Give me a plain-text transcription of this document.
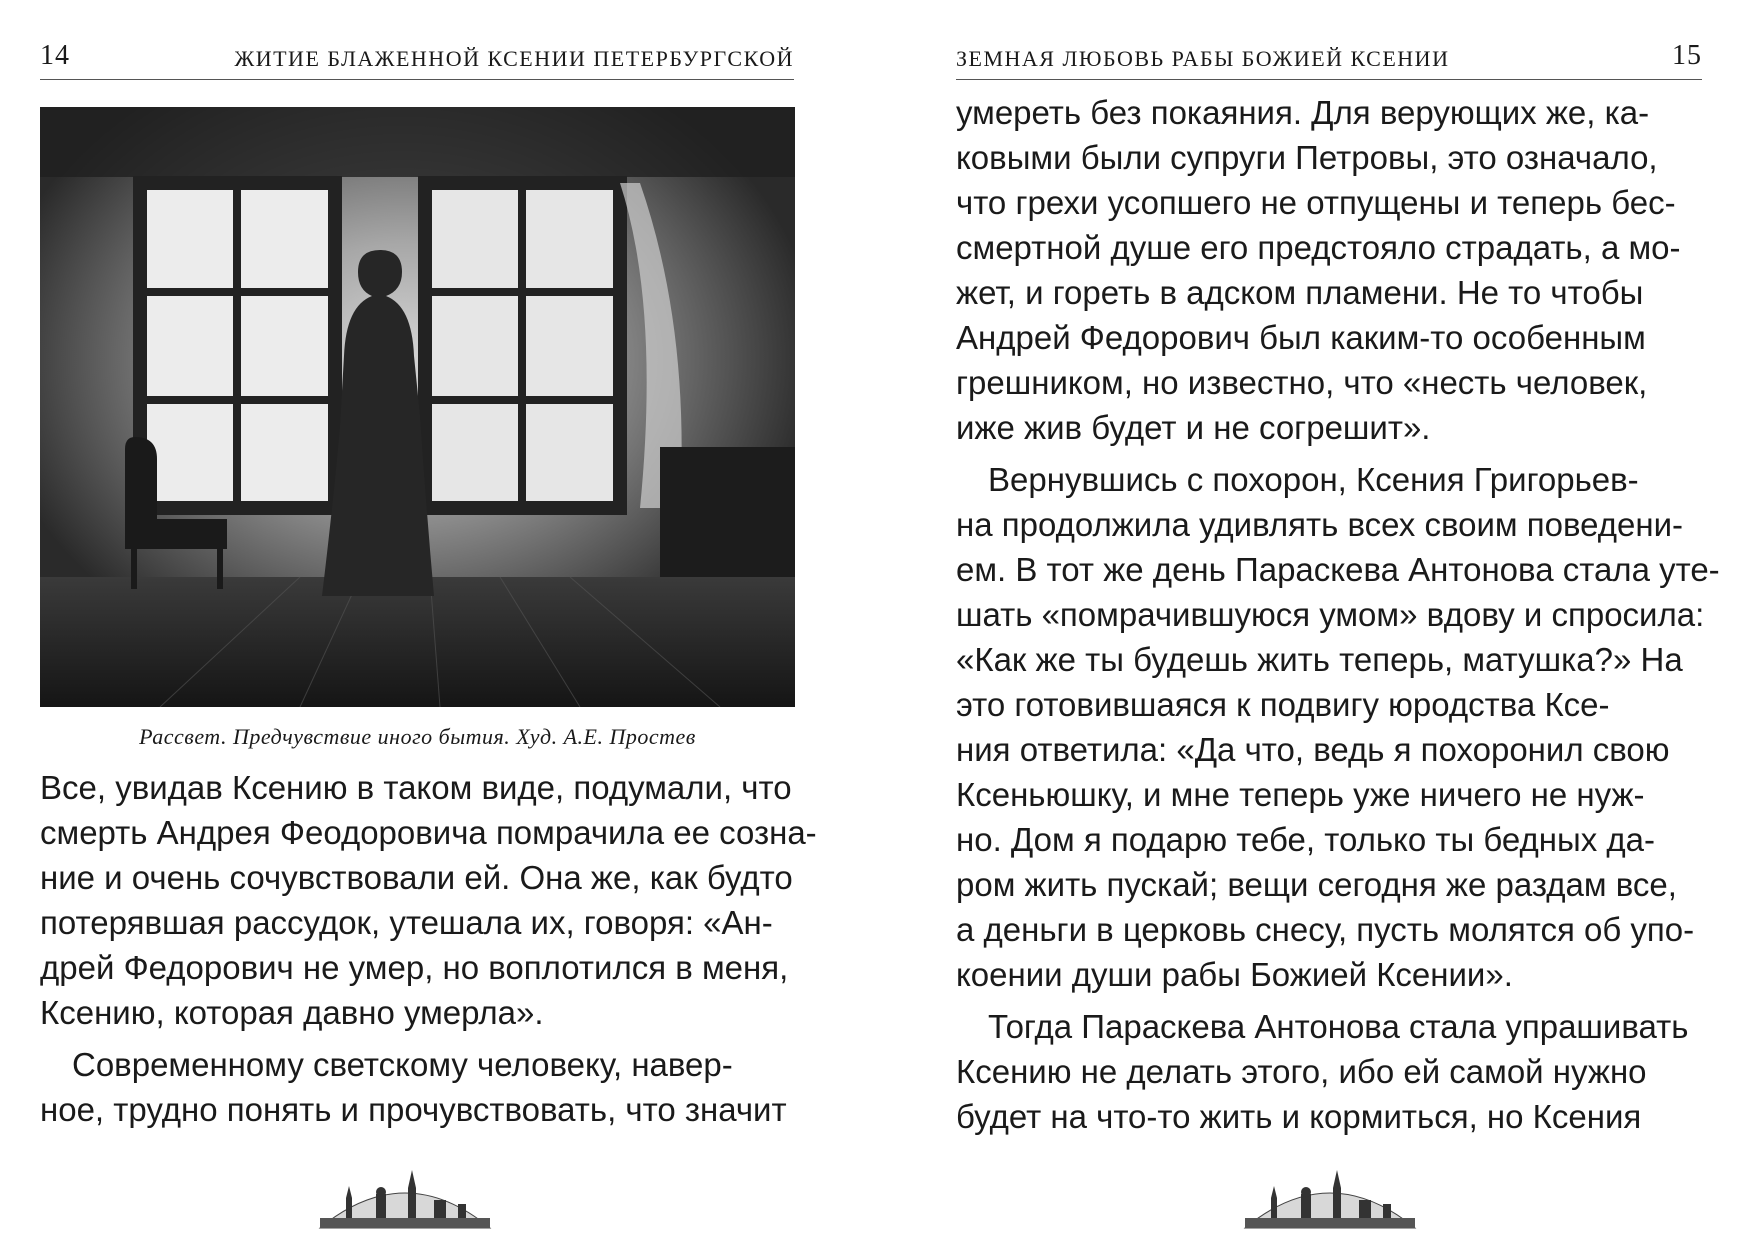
14	ЖИТИЕ БЛАЖЕННОЙ КСЕНИИ ПЕТЕРБУРГСКОЙ
Рассвет. Предчувствие иного бытия. Худ. А.Е. Простев
Все, увидав Ксению в таком виде, подумали, что
смерть Андрея Феодоровича помрачила ее созна-
ние и очень сочувствовали ей. Она же, как будто
потерявшая рассудок, утешала их, говоря: «Ан-
дрей Федорович не умер, но воплотился в меня,
Ксению, которая давно умерла».
Современному светскому человеку, навер-
ное, трудно понять и прочувствовать, что значит
ЗЕМНАЯ ЛЮБОВЬ РАБЫ БОЖИЕЙ КСЕНИИ	15
умереть без покаяния. Для верующих же, ка-
ковыми были супруги Петровы, это означало,
что грехи усопшего не отпущены и теперь бес-
смертной душе его предстояло страдать, а мо-
жет, и гореть в адском пламени. Не то чтобы
Андрей Федорович был каким-то особенным
грешником, но известно, что «несть человек,
иже жив будет и не согрешит».
Вернувшись с похорон, Ксения Григорьев-
на продолжила удивлять всех своим поведени-
ем. В тот же день Параскева Антонова стала уте-
шать «помрачившуюся умом» вдову и спросила:
«Как же ты будешь жить теперь, матушка?» На
это готовившаяся к подвигу юродства Ксе-
ния ответила: «Да что, ведь я похоронил свою
Ксеньюшку, и мне теперь уже ничего не нуж-
но. Дом я подарю тебе, только ты бедных да-
ром жить пускай; вещи сегодня же раздам все,
а деньги в церковь снесу, пусть молятся об упо-
коении души рабы Божией Ксении».
Тогда Параскева Антонова стала упрашивать
Ксению не делать этого, ибо ей самой нужно
будет на что-то жить и кормиться, но Ксения
